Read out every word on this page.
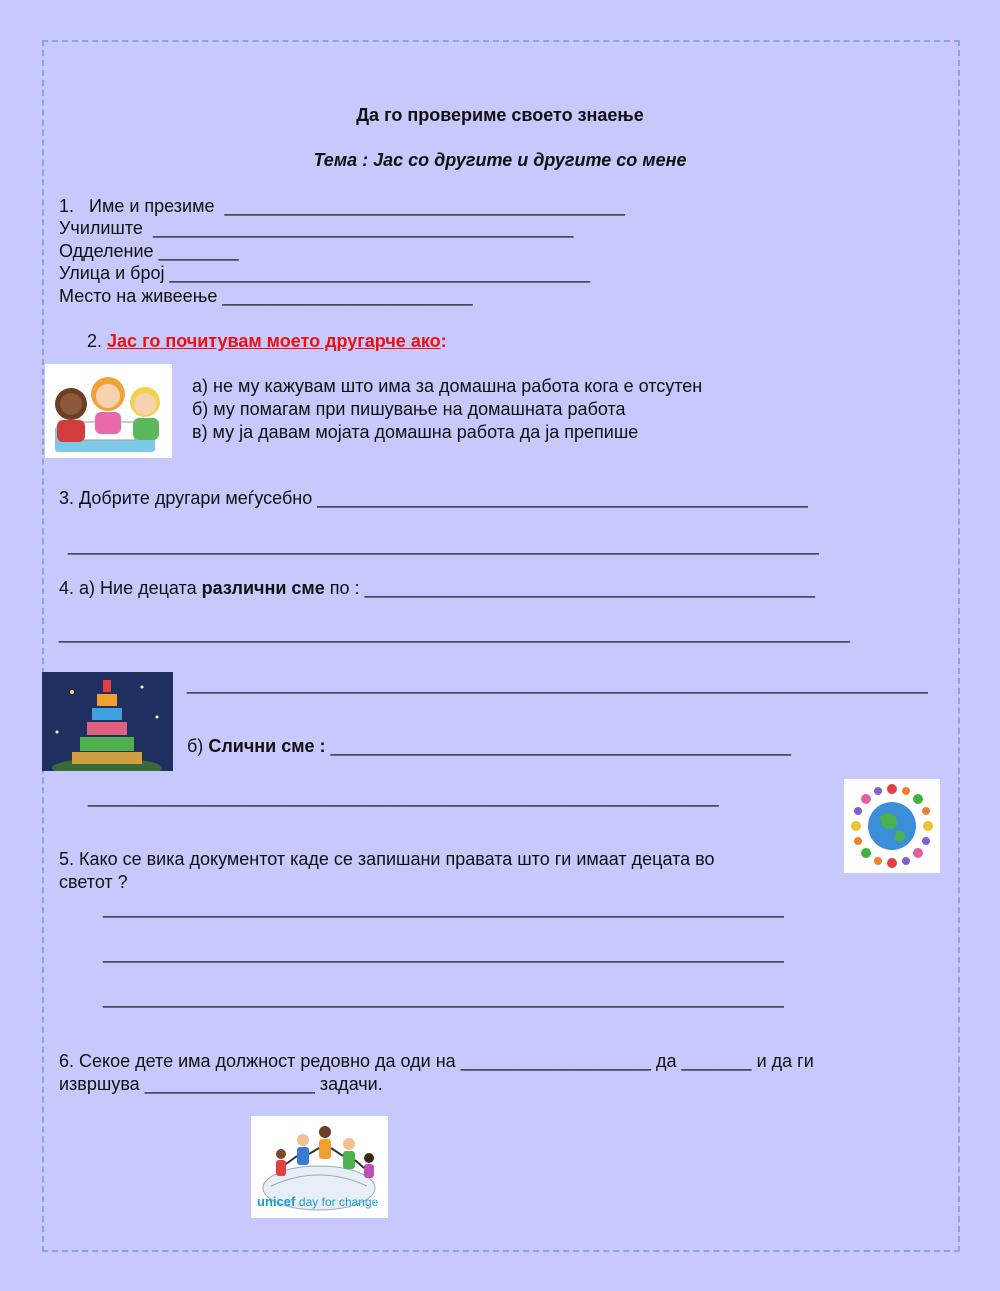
Да го провериме своето знаење
Тема : Јас со другите и другите со мене
1. Име и презиме ________________________________________
Училиште __________________________________________
Одделение ________
Улица и број __________________________________________
Место на живеење _________________________
2. Јас го почитувам моето другарче ако:
а) не му кажувам што има за домашна работа кога е отсутен
б) му помагам при пишување на домашната работа
в) му ја давам мојата домашна работа да ја препише
3. Добрите другари меѓусебно _________________________________________________
___________________________________________________________________________
4. а) Ние децата различни сме по : _____________________________________________
_______________________________________________________________________________
__________________________________________________________________________
б) Слични сме : ______________________________________________
_______________________________________________________________
5. Како се вика документот каде се запишани правата што ги имаат децата во
светот ?
____________________________________________________________________
____________________________________________________________________
____________________________________________________________________
6. Секое дете има должност редовно да оди на ___________________ да _______ и да ги
извршува _________________ задачи.
unicef day for change
